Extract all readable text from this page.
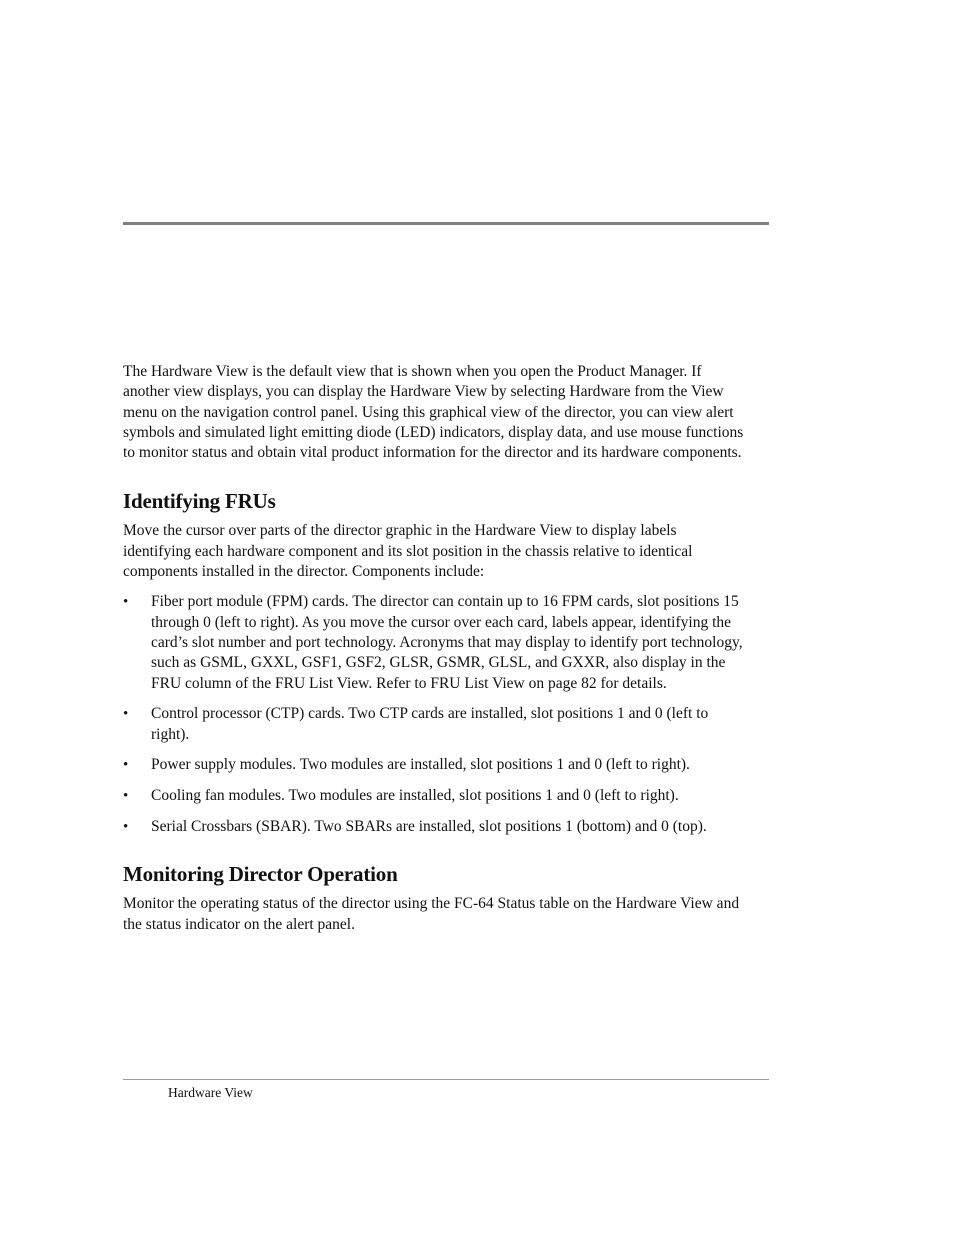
The Hardware View is the default view that is shown when you open the Product Manager. If another view displays, you can display the Hardware View by selecting Hardware from the View menu on the navigation control panel. Using this graphical view of the director, you can view alert symbols and simulated light emitting diode (LED) indicators, display data, and use mouse functions to monitor status and obtain vital product information for the director and its hardware components.

Identifying FRUs

Move the cursor over parts of the director graphic in the Hardware View to display labels identifying each hardware component and its slot position in the chassis relative to identical components installed in the director. Components include:

• Fiber port module (FPM) cards. The director can contain up to 16 FPM cards, slot positions 15 through 0 (left to right). As you move the cursor over each card, labels appear, identifying the card’s slot number and port technology. Acronyms that may display to identify port technology, such as GSML, GXXL, GSF1, GSF2, GLSR, GSMR, GLSL, and GXXR, also display in the FRU column of the FRU List View. Refer to FRU List View on page 82 for details.
• Control processor (CTP) cards. Two CTP cards are installed, slot positions 1 and 0 (left to right).
• Power supply modules. Two modules are installed, slot positions 1 and 0 (left to right).
• Cooling fan modules. Two modules are installed, slot positions 1 and 0 (left to right).
• Serial Crossbars (SBAR). Two SBARs are installed, slot positions 1 (bottom) and 0 (top).
Monitoring Director Operation

Monitor the operating status of the director using the FC-64 Status table on the Hardware View and the status indicator on the alert panel.

Hardware View
